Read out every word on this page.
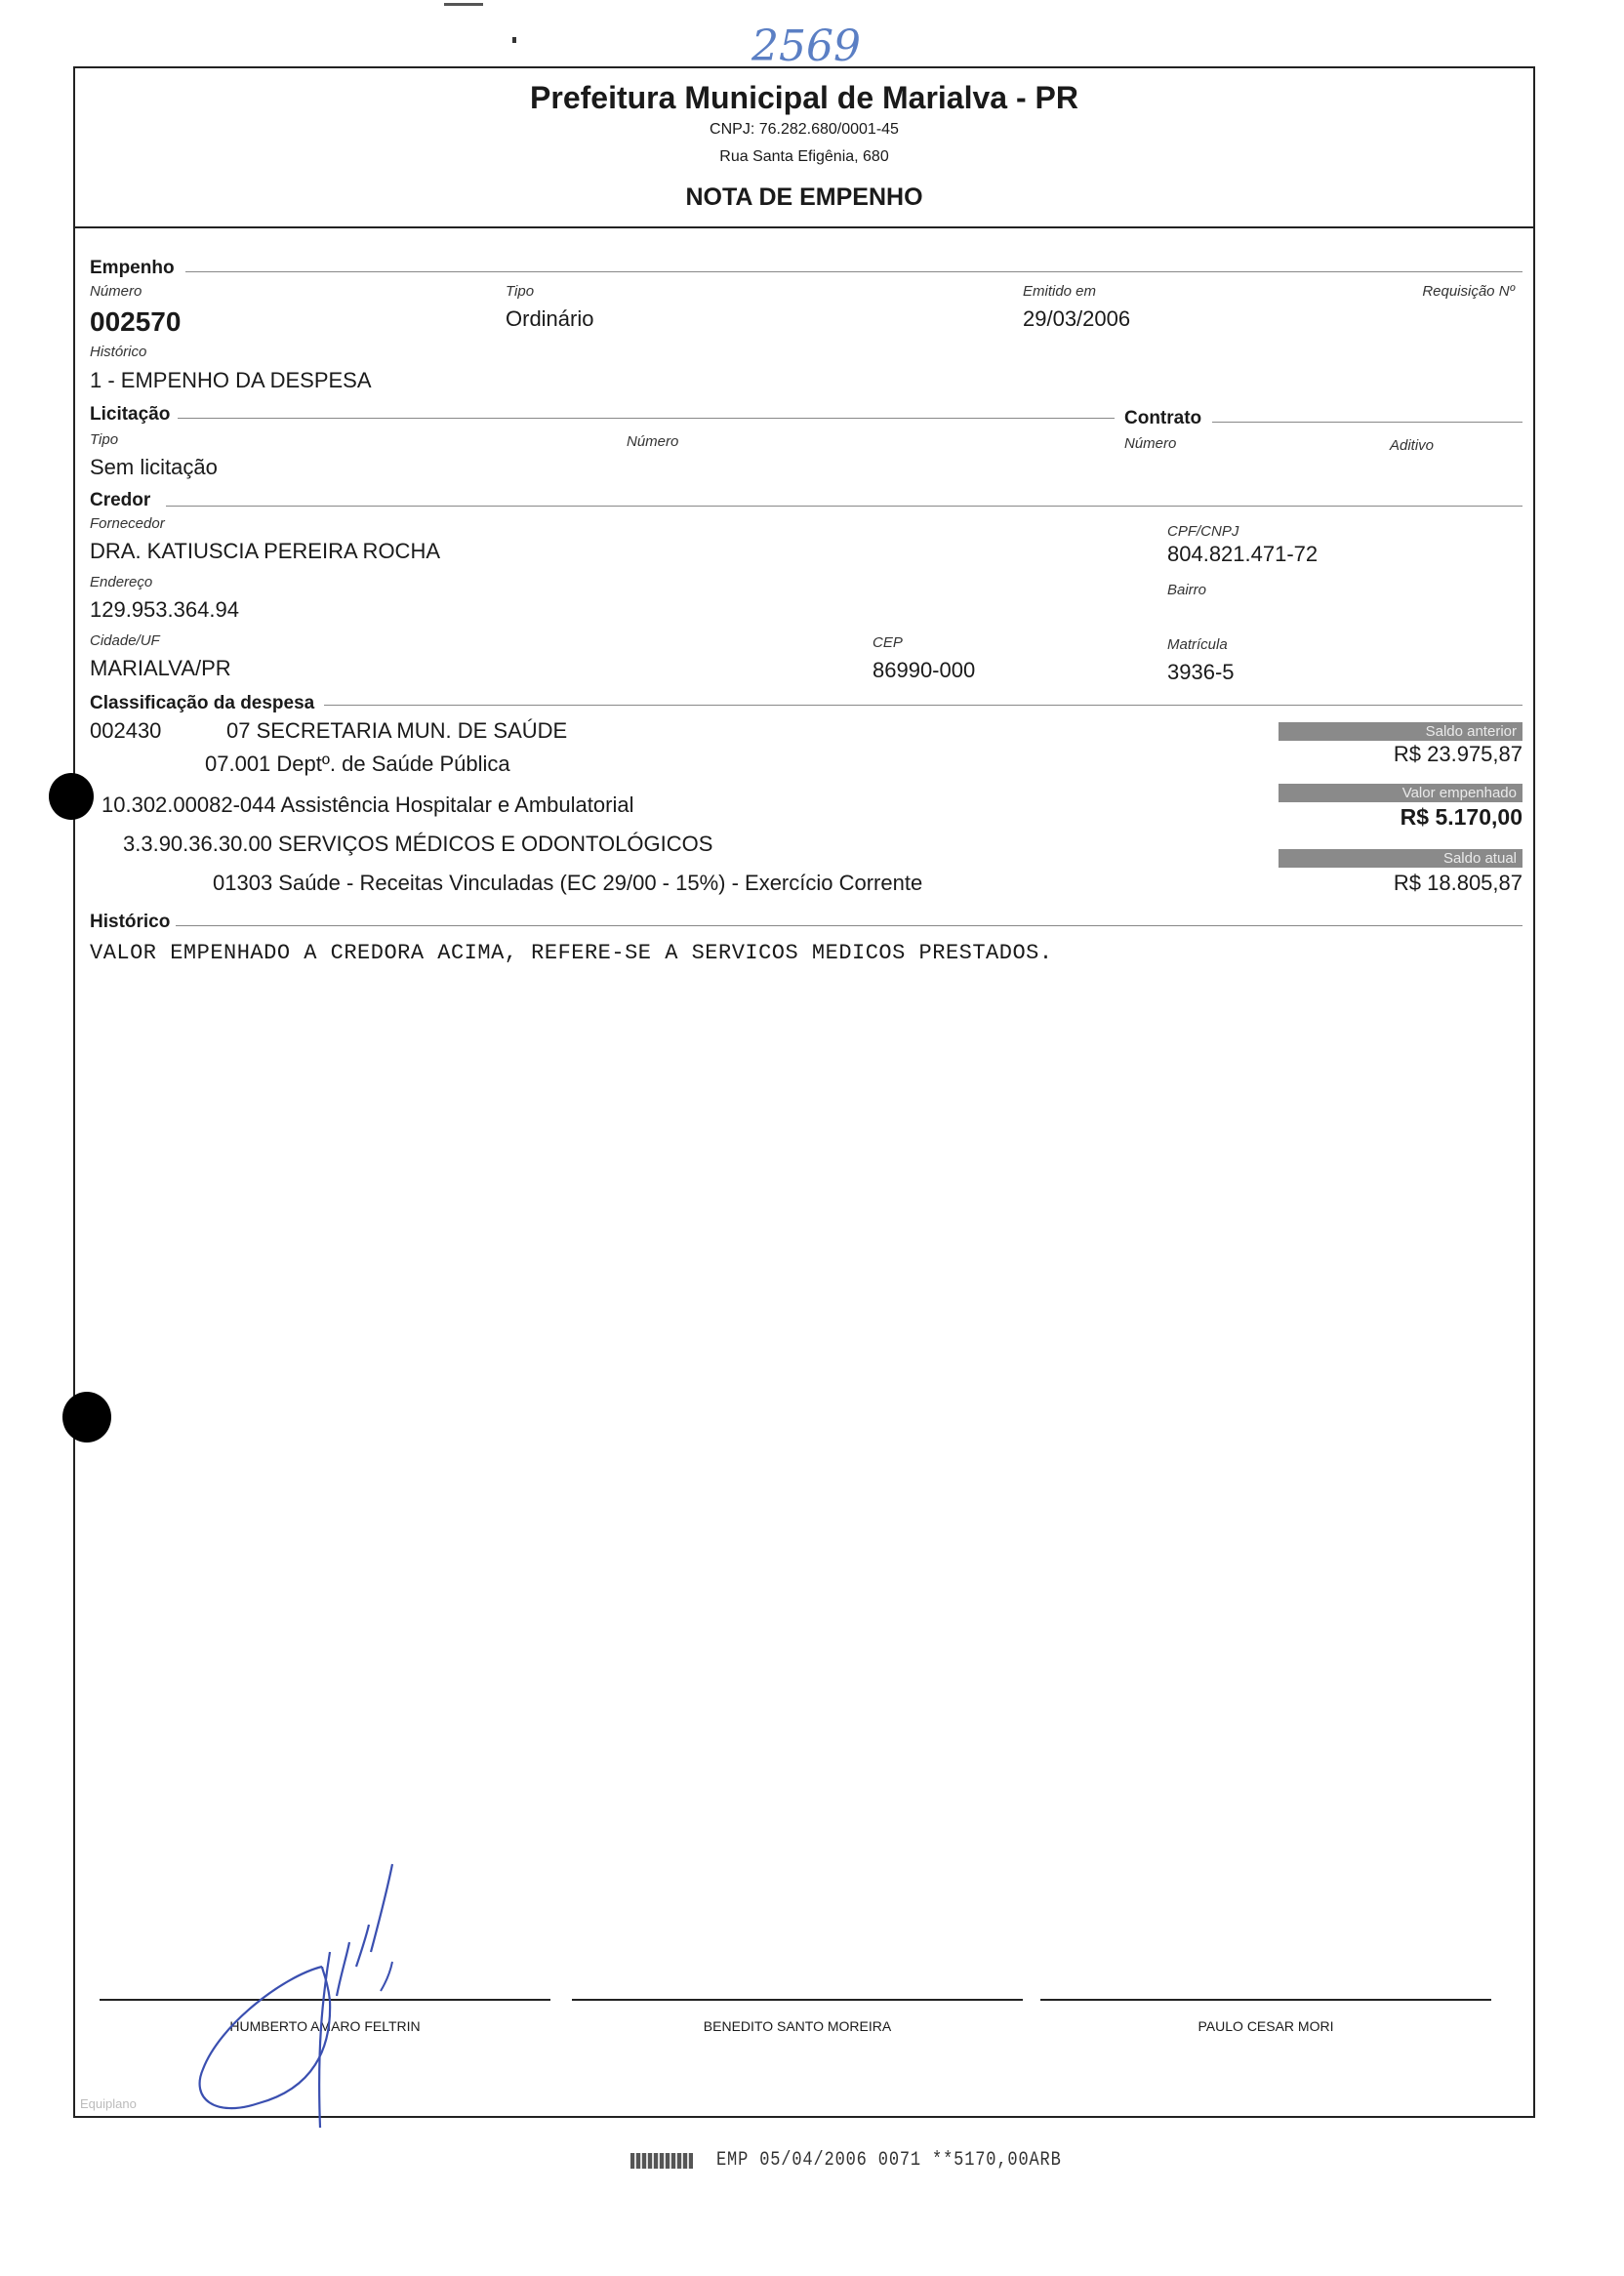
2569
Prefeitura Municipal de Marialva - PR
CNPJ: 76.282.680/0001-45
Rua Santa Efigênia, 680
NOTA DE EMPENHO
Empenho
Número
002570
Tipo
Ordinário
Emitido em
29/03/2006
Requisição Nº
Histórico
1 - EMPENHO DA DESPESA
Licitação	Contrato
Tipo
Sem licitação
Número	Número	Aditivo
Credor
Fornecedor
DRA. KATIUSCIA PEREIRA ROCHA
CPF/CNPJ
804.821.471-72
Endereço
129.953.364.94
Bairro
Cidade/UF
MARIALVA/PR
CEP
86990-000
Matrícula
3936-5
Classificação da despesa
002430	07 SECRETARIA MUN. DE SAÚDE
07.001 Deptº. de Saúde Pública
10.302.00082-044 Assistência Hospitalar e Ambulatorial
3.3.90.36.30.00 SERVIÇOS MÉDICOS E ODONTOLÓGICOS
01303 Saúde - Receitas Vinculadas (EC 29/00 - 15%) - Exercício Corrente
Saldo anterior
R$ 23.975,87
Valor empenhado
R$ 5.170,00
Saldo atual
R$ 18.805,87
Histórico
VALOR EMPENHADO A CREDORA ACIMA, REFERE-SE A SERVICOS MEDICOS PRESTADOS.
HUMBERTO AMARO FELTRIN	BENEDITO SANTO MOREIRA	PAULO CESAR MORI
Equiplano
EMP 05/04/2006 0071 **5170,00ARB
